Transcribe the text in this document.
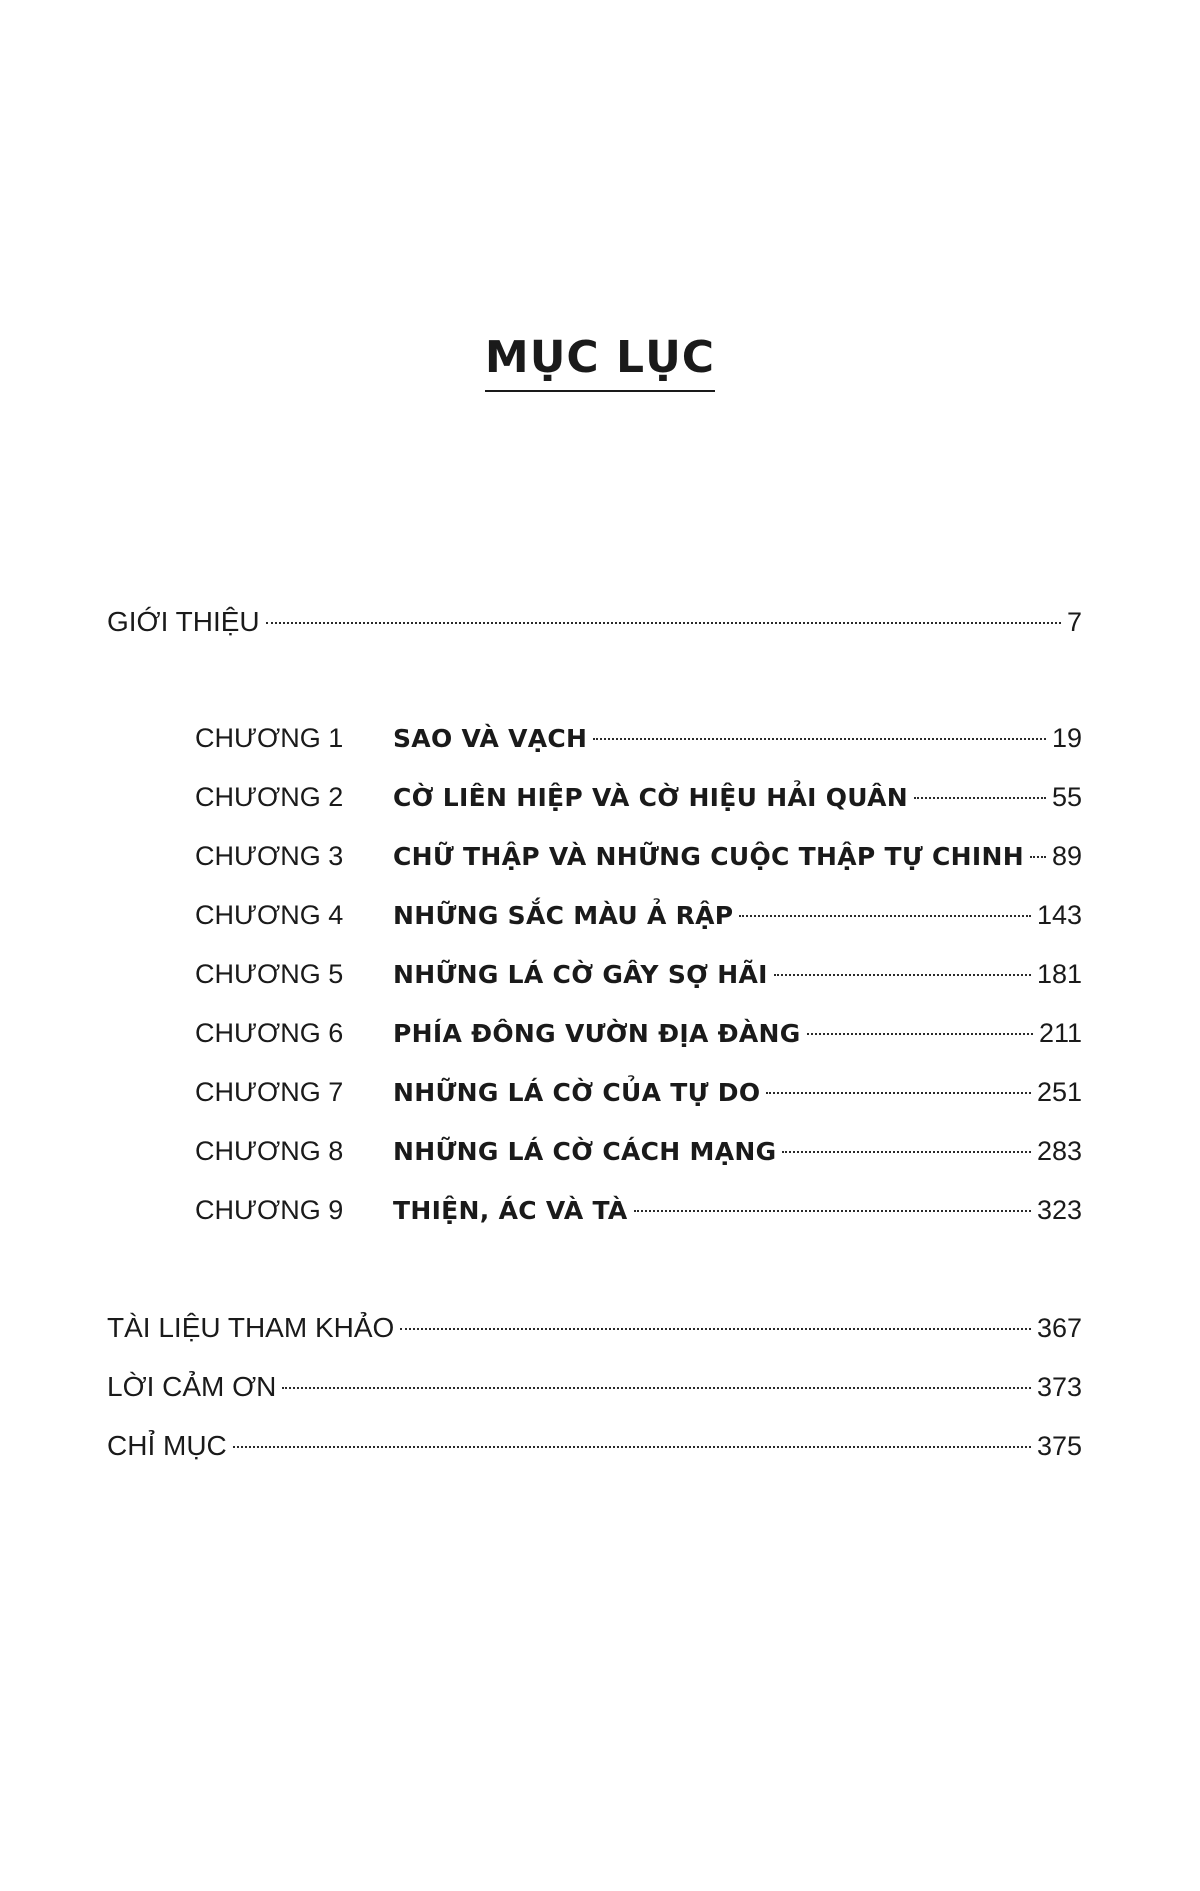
MỤC LỤC
GIỚI THIỆU	7
CHƯƠNG 1	SAO VÀ VẠCH	19
CHƯƠNG 2	CỜ LIÊN HIỆP VÀ CỜ HIỆU HẢI QUÂN	55
CHƯƠNG 3	CHỮ THẬP VÀ NHỮNG CUỘC THẬP TỰ CHINH 89
CHƯƠNG 4	NHỮNG SẮC MÀU Ả RẬP	143
CHƯƠNG 5	NHỮNG LÁ CỜ GÂY SỢ HÃI	181
CHƯƠNG 6	PHÍA ĐÔNG VƯỜN ĐỊA ĐÀNG	211
CHƯƠNG 7	NHỮNG LÁ CỜ CỦA TỰ DO	251
CHƯƠNG 8	NHỮNG LÁ CỜ CÁCH MẠNG	283
CHƯƠNG 9	THIỆN, ÁC VÀ TÀ	323
TÀI LIỆU THAM KHẢO	367
LỜI CẢM ƠN	373
CHỈ MỤC	375
